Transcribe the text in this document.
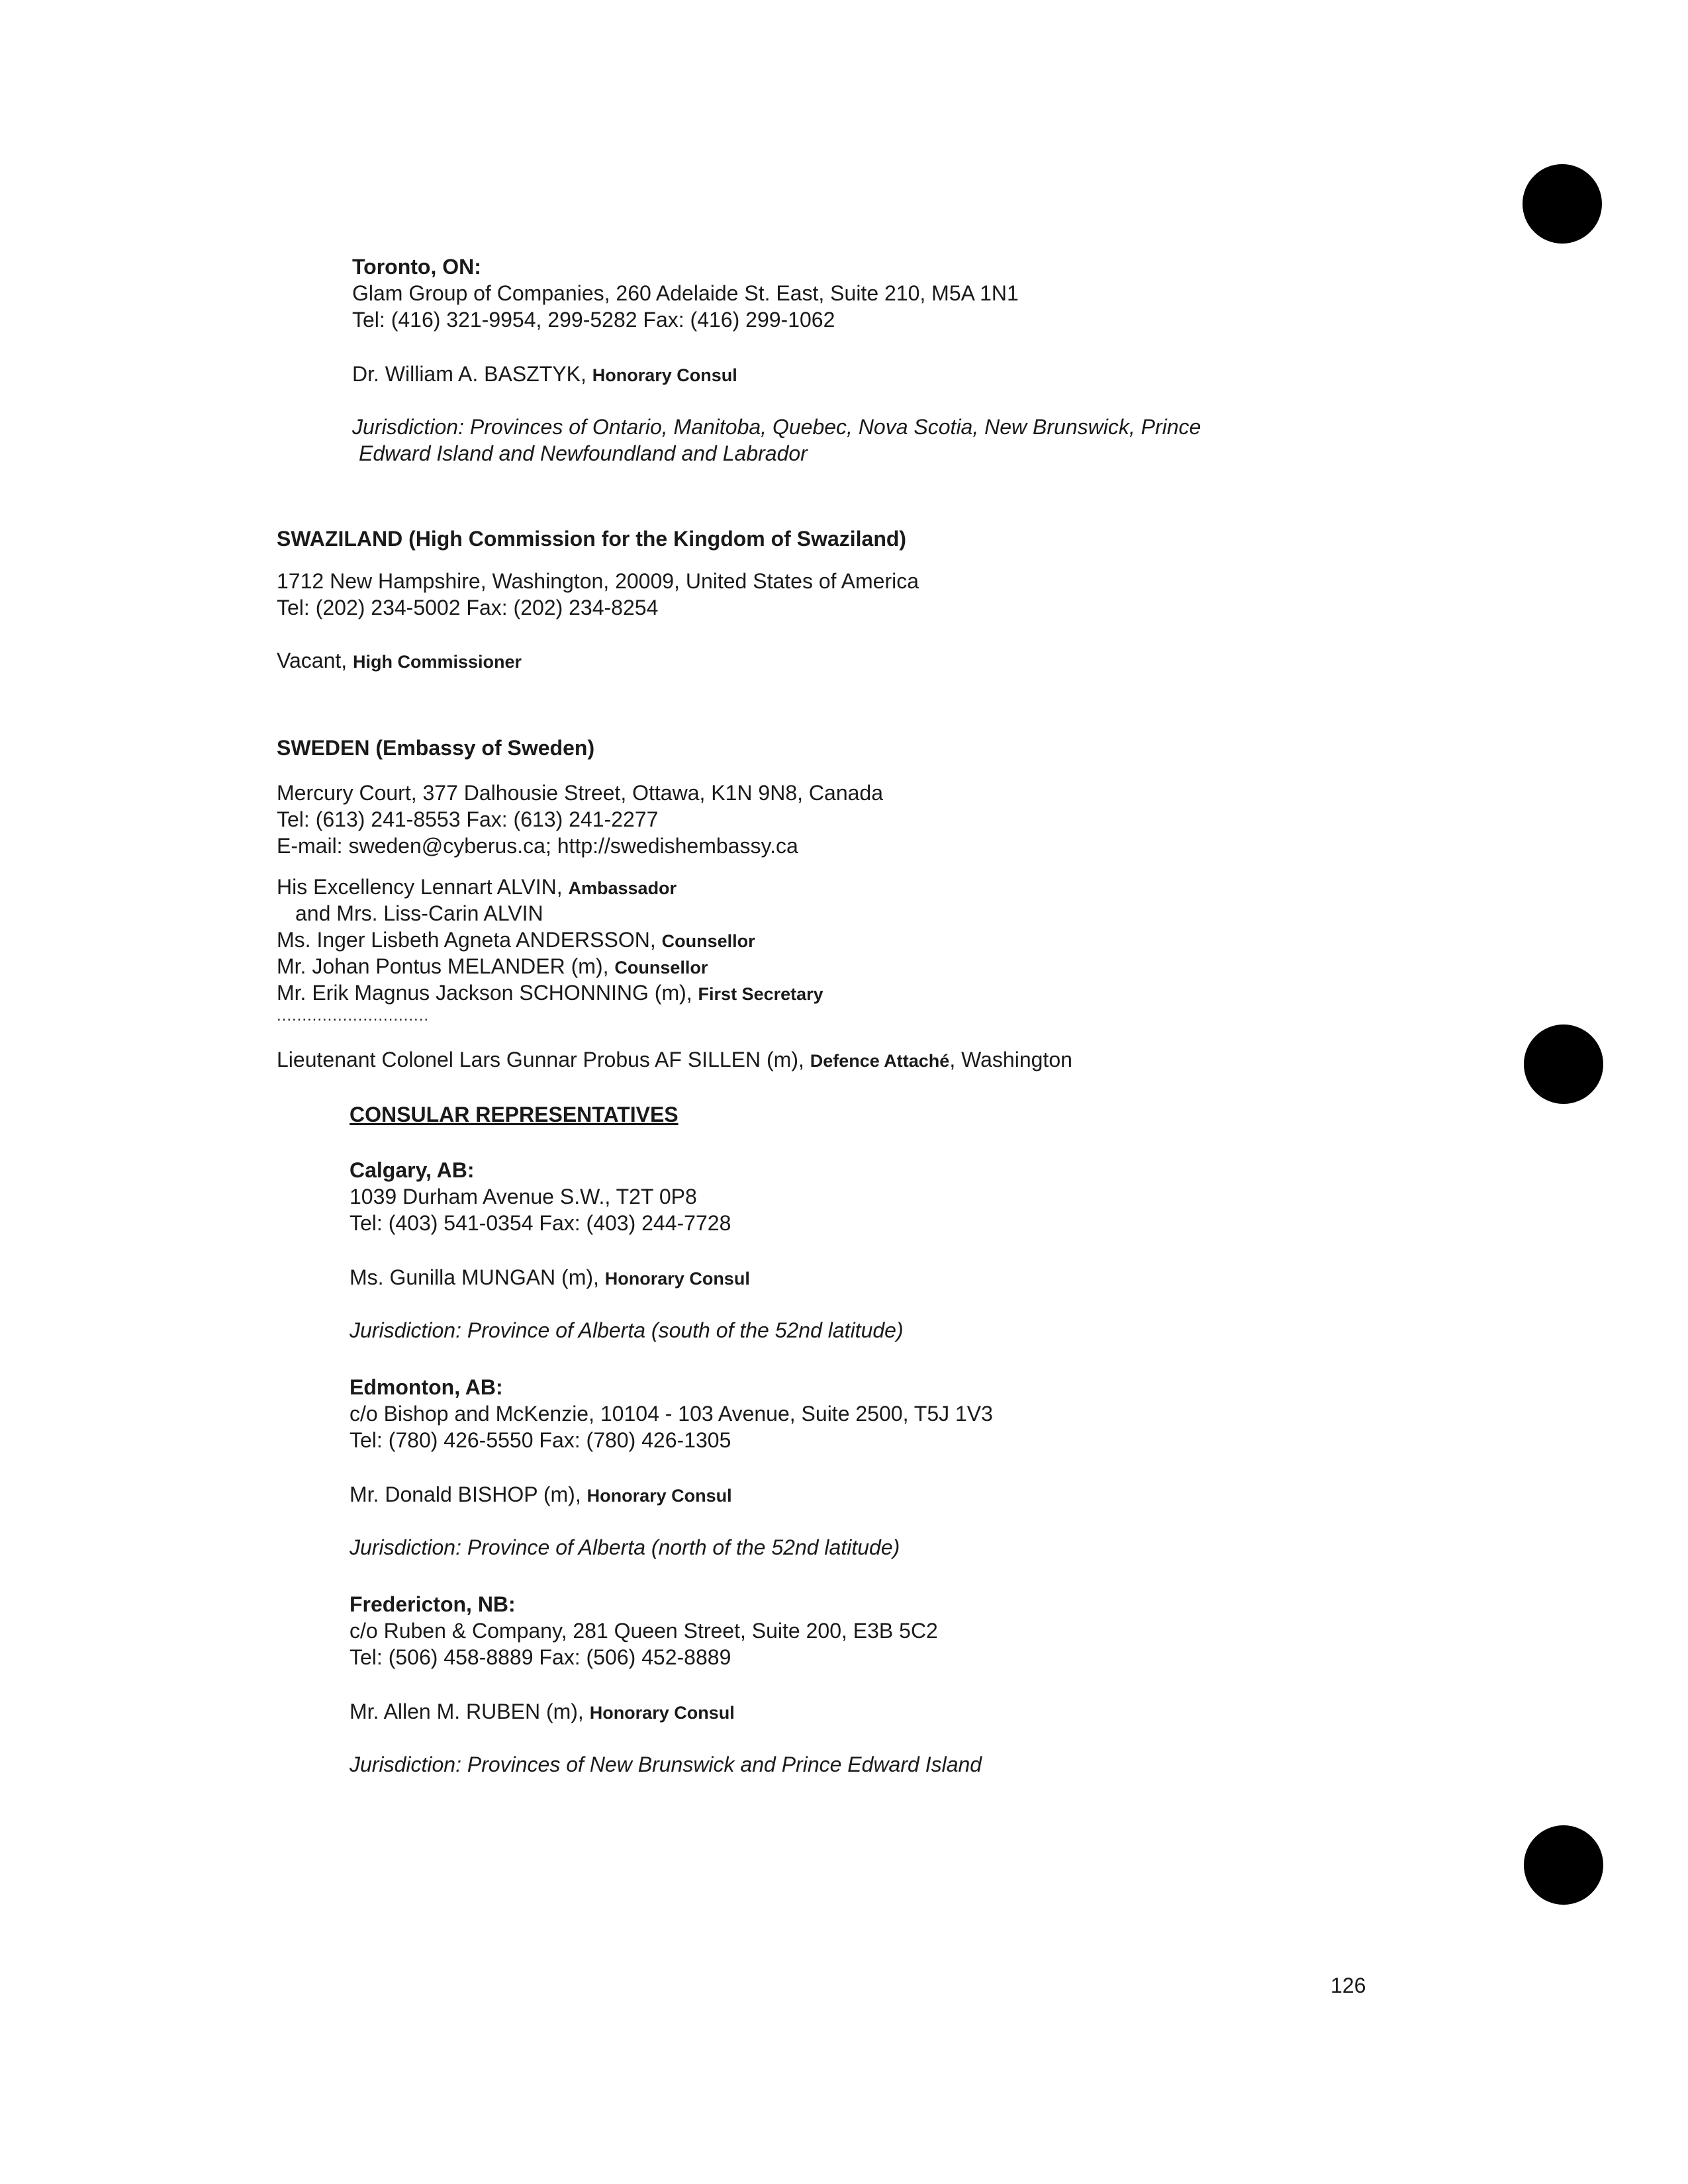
Toronto, ON:
Glam Group of Companies, 260 Adelaide St. East, Suite 210, M5A 1N1
Tel: (416) 321-9954, 299-5282 Fax: (416) 299-1062
Dr. William A. BASZTYK, Honorary Consul
Jurisdiction: Provinces of Ontario, Manitoba, Quebec, Nova Scotia, New Brunswick, Prince
Edward Island and Newfoundland and Labrador
SWAZILAND (High Commission for the Kingdom of Swaziland)
1712 New Hampshire, Washington, 20009, United States of America
Tel: (202) 234-5002 Fax: (202) 234-8254
Vacant, High Commissioner
SWEDEN (Embassy of Sweden)
Mercury Court, 377 Dalhousie Street, Ottawa, K1N 9N8, Canada
Tel: (613) 241-8553 Fax: (613) 241-2277
E-mail: sweden@cyberus.ca; http://swedishembassy.ca
His Excellency Lennart ALVIN, Ambassador
and Mrs. Liss-Carin ALVIN
Ms. Inger Lisbeth Agneta ANDERSSON, Counsellor
Mr. Johan Pontus MELANDER (m), Counsellor
Mr. Erik Magnus Jackson SCHONNING (m), First Secretary
..............................
Lieutenant Colonel Lars Gunnar Probus AF SILLEN (m), Defence Attaché, Washington
CONSULAR REPRESENTATIVES
Calgary, AB:
1039 Durham Avenue S.W., T2T 0P8
Tel: (403) 541-0354 Fax: (403) 244-7728
Ms. Gunilla MUNGAN (m), Honorary Consul
Jurisdiction: Province of Alberta (south of the 52nd latitude)
Edmonton, AB:
c/o Bishop and McKenzie, 10104 - 103 Avenue, Suite 2500, T5J 1V3
Tel: (780) 426-5550 Fax: (780) 426-1305
Mr. Donald BISHOP (m), Honorary Consul
Jurisdiction: Province of Alberta (north of the 52nd latitude)
Fredericton, NB:
c/o Ruben & Company, 281 Queen Street, Suite 200, E3B 5C2
Tel: (506) 458-8889 Fax: (506) 452-8889
Mr. Allen M. RUBEN (m), Honorary Consul
Jurisdiction: Provinces of New Brunswick and Prince Edward Island
126
